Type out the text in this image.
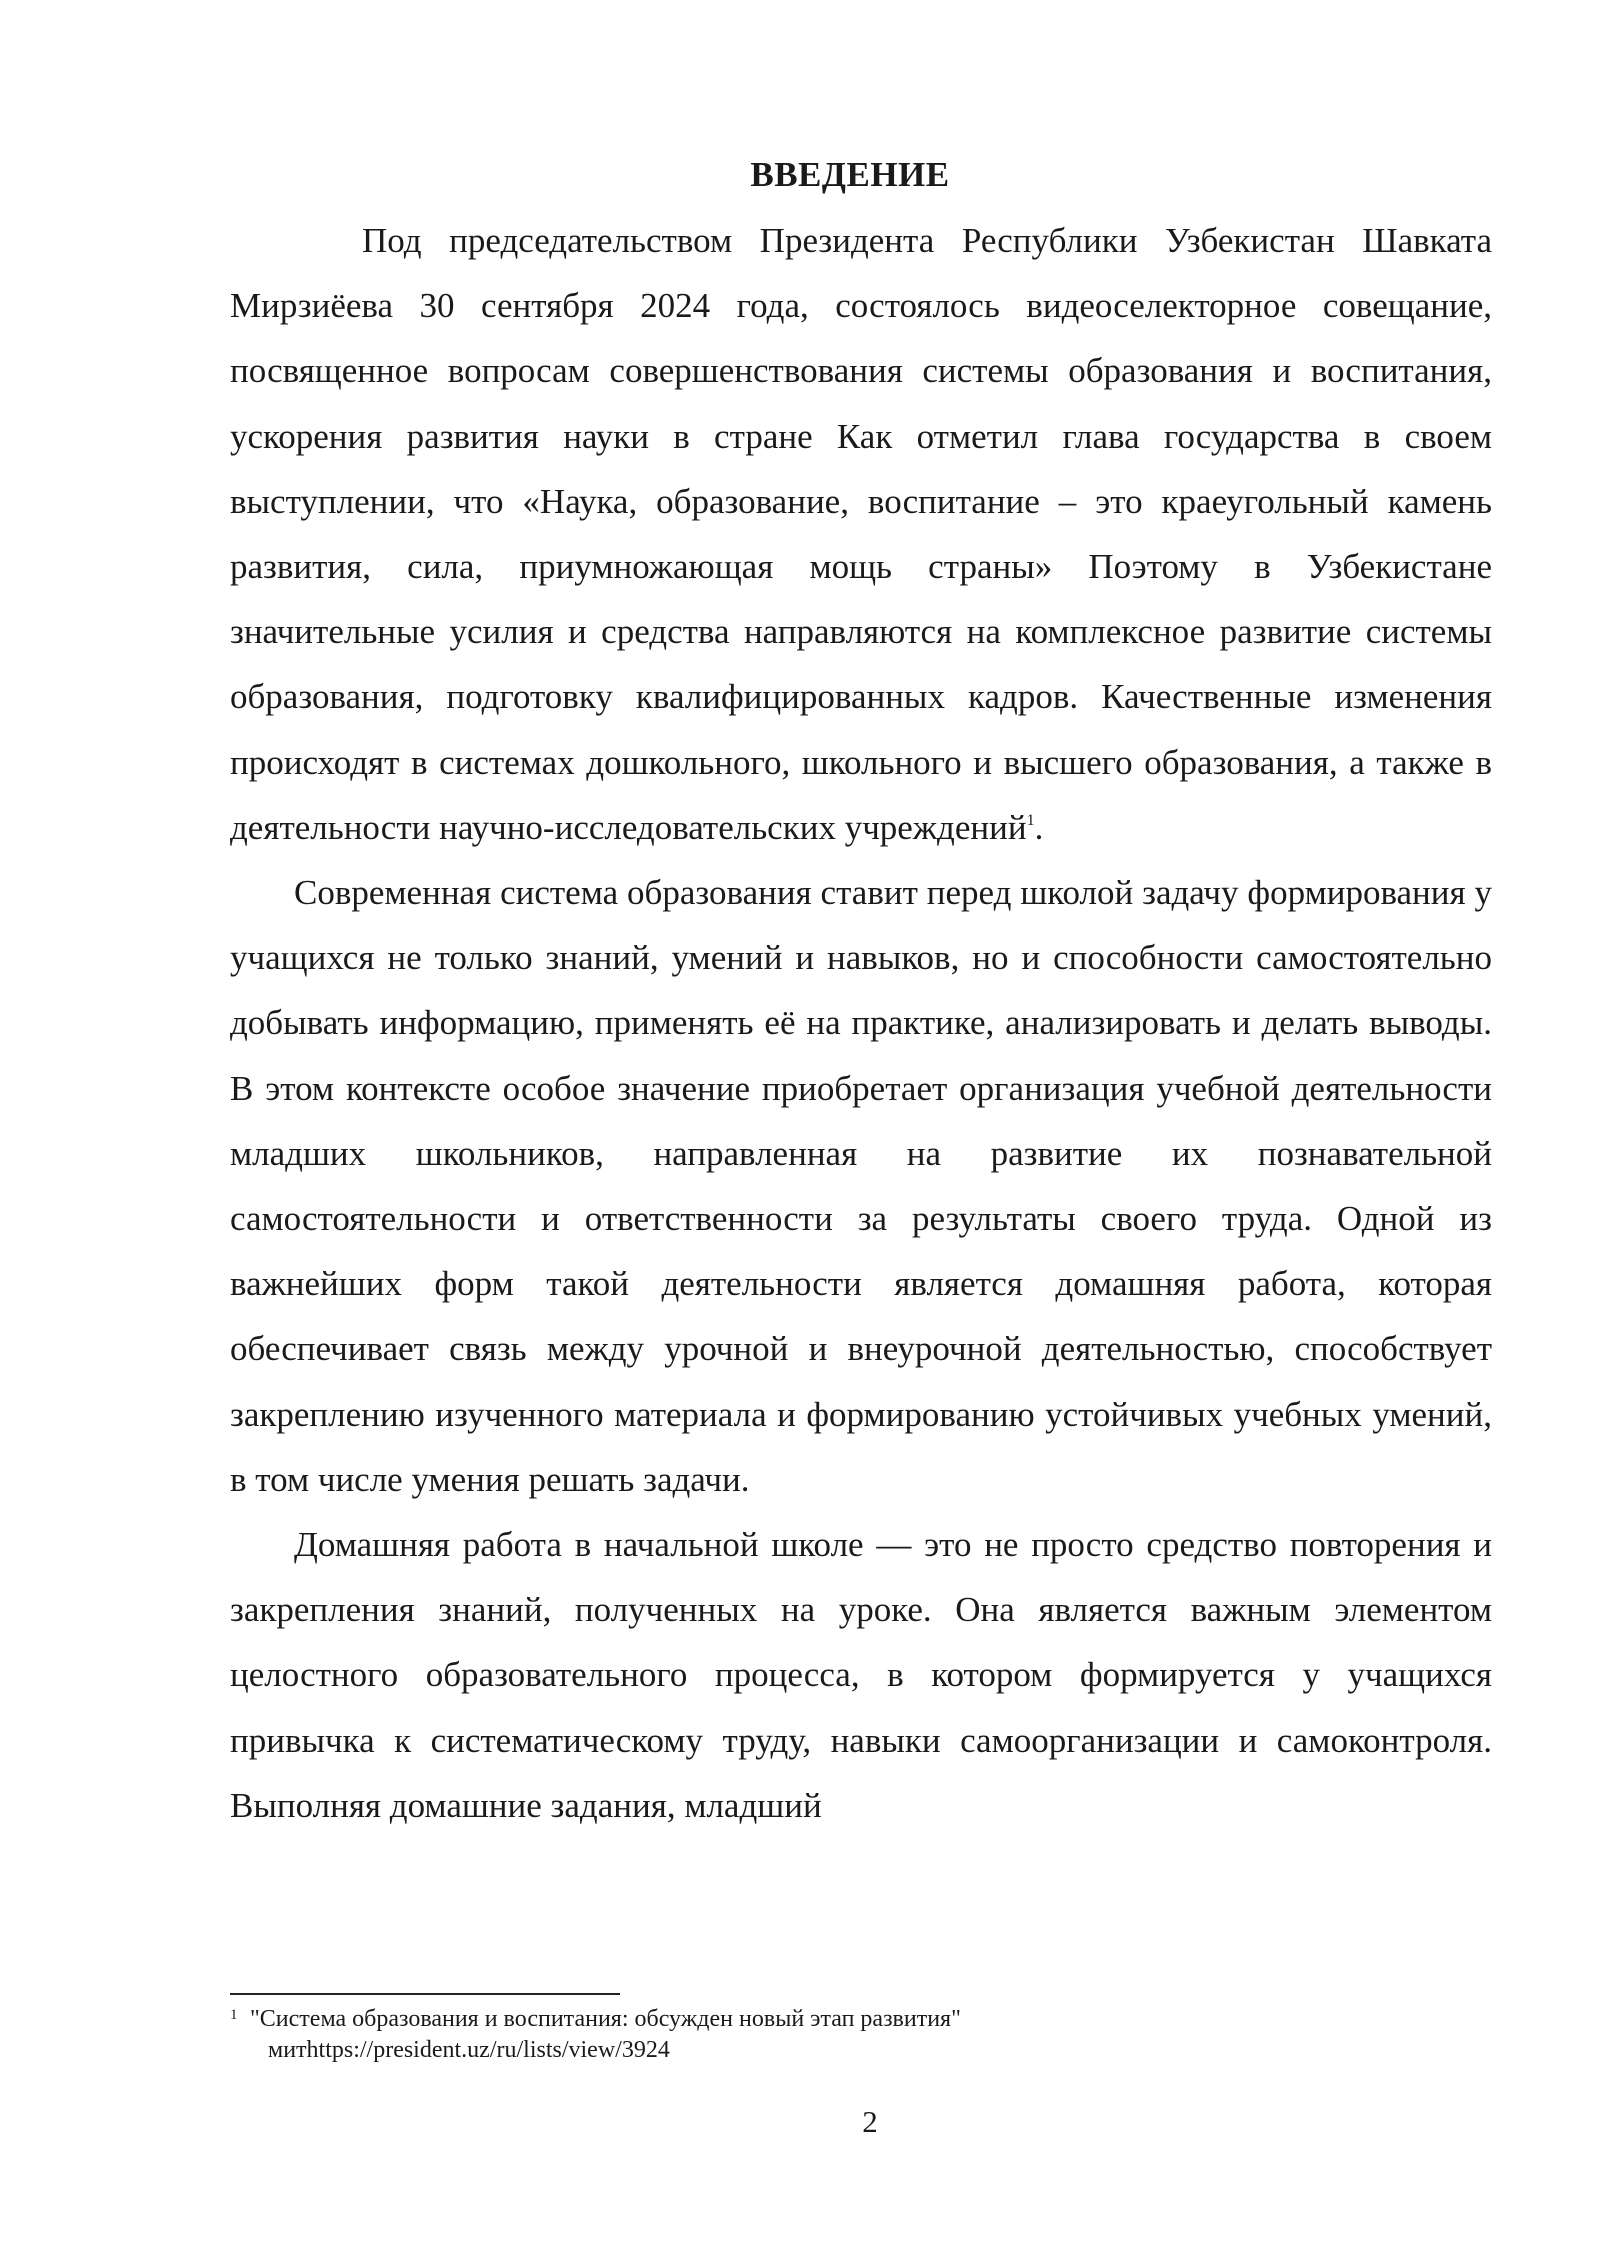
ВВЕДЕНИЕ

Под председательством Президента Республики Узбекистан Шавката Мирзиёева 30 сентября 2024 года, состоялось видеоселекторное совещание, посвященное вопросам совершенствования системы образования и воспитания, ускорения развития науки в стране Как отметил глава государства в своем выступлении, что «Наука, образование, воспитание – это краеугольный камень развития, сила, приумножающая мощь страны» Поэтому в Узбекистане значительные усилия и средства направляются на комплексное развитие системы образования, подготовку квалифицированных кадров. Качественные изменения происходят в системах дошкольного, школьного и высшего образования, а также в деятельности научно-исследовательских учреждений$^1$.

Современная система образования ставит перед школой задачу формирования у учащихся не только знаний, умений и навыков, но и способности самостоятельно добывать информацию, применять её на практике, анализировать и делать выводы. В этом контексте особое значение приобретает организация учебной деятельности младших школьников, направленная на развитие их познавательной самостоятельности и ответственности за результаты своего труда. Одной из важнейших форм такой деятельности является домашняя работа, которая обеспечивает связь между урочной и внеурочной деятельностью, способствует закреплению изученного материала и формированию устойчивых учебных умений, в том числе умения решать задачи.

Домашняя работа в начальной школе — это не просто средство повторения и закрепления знаний, полученных на уроке. Она является важным элементом целостного образовательного процесса, в котором формируется у учащихся привычка к систематическому труду, навыки самоорганизации и самоконтроля. Выполняя домашние задания, младший

1 "Система образования и воспитания: обсужден новый этап развития"
митhttps://president.uz/ru/lists/view/3924
2
